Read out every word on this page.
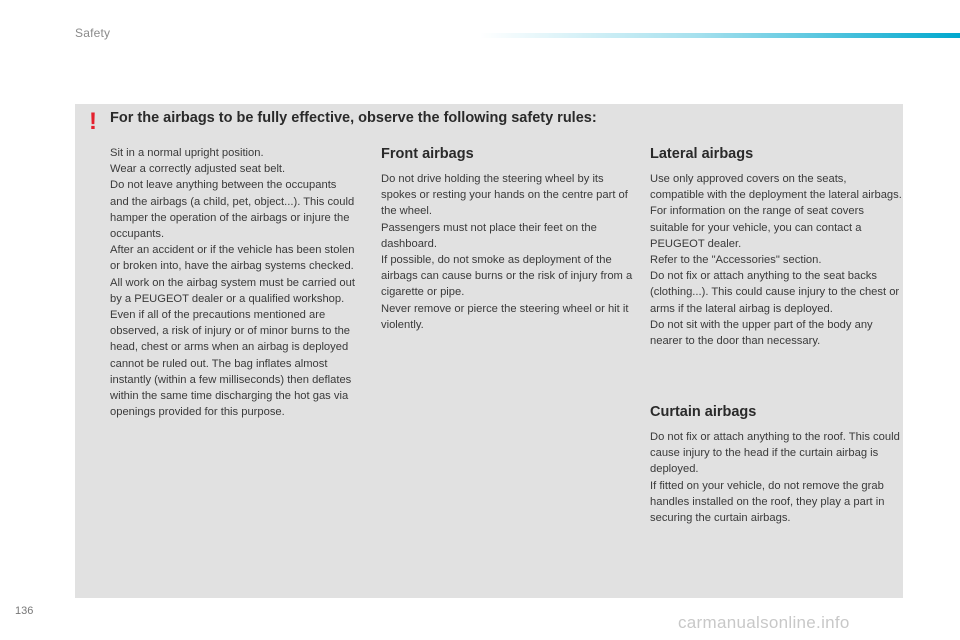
Safety
! For the airbags to be fully effective, observe the following safety rules:

Sit in a normal upright position.

Wear a correctly adjusted seat belt.

Do not leave anything between the occupants and the airbags (a child, pet, object...). This could hamper the operation of the airbags or injure the occupants.

After an accident or if the vehicle has been stolen or broken into, have the airbag systems checked.

All work on the airbag system must be carried out by a PEUGEOT dealer or a qualified workshop.

Even if all of the precautions mentioned are observed, a risk of injury or of minor burns to the head, chest or arms when an airbag is deployed cannot be ruled out. The bag inflates almost instantly (within a few milliseconds) then deflates within the same time discharging the hot gas via openings provided for this purpose.

Front airbags

Do not drive holding the steering wheel by its spokes or resting your hands on the centre part of the wheel.

Passengers must not place their feet on the dashboard.

If possible, do not smoke as deployment of the airbags can cause burns or the risk of injury from a cigarette or pipe.

Never remove or pierce the steering wheel or hit it violently.

Lateral airbags

Use only approved covers on the seats, compatible with the deployment the lateral airbags. For information on the range of seat covers suitable for your vehicle, you can contact a PEUGEOT dealer.

Refer to the "Accessories" section.

Do not fix or attach anything to the seat backs (clothing...). This could cause injury to the chest or arms if the lateral airbag is deployed.

Do not sit with the upper part of the body any nearer to the door than necessary.

Curtain airbags

Do not fix or attach anything to the roof. This could cause injury to the head if the curtain airbag is deployed.

If fitted on your vehicle, do not remove the grab handles installed on the roof, they play a part in securing the curtain airbags.

136
carmanualsonline.info
